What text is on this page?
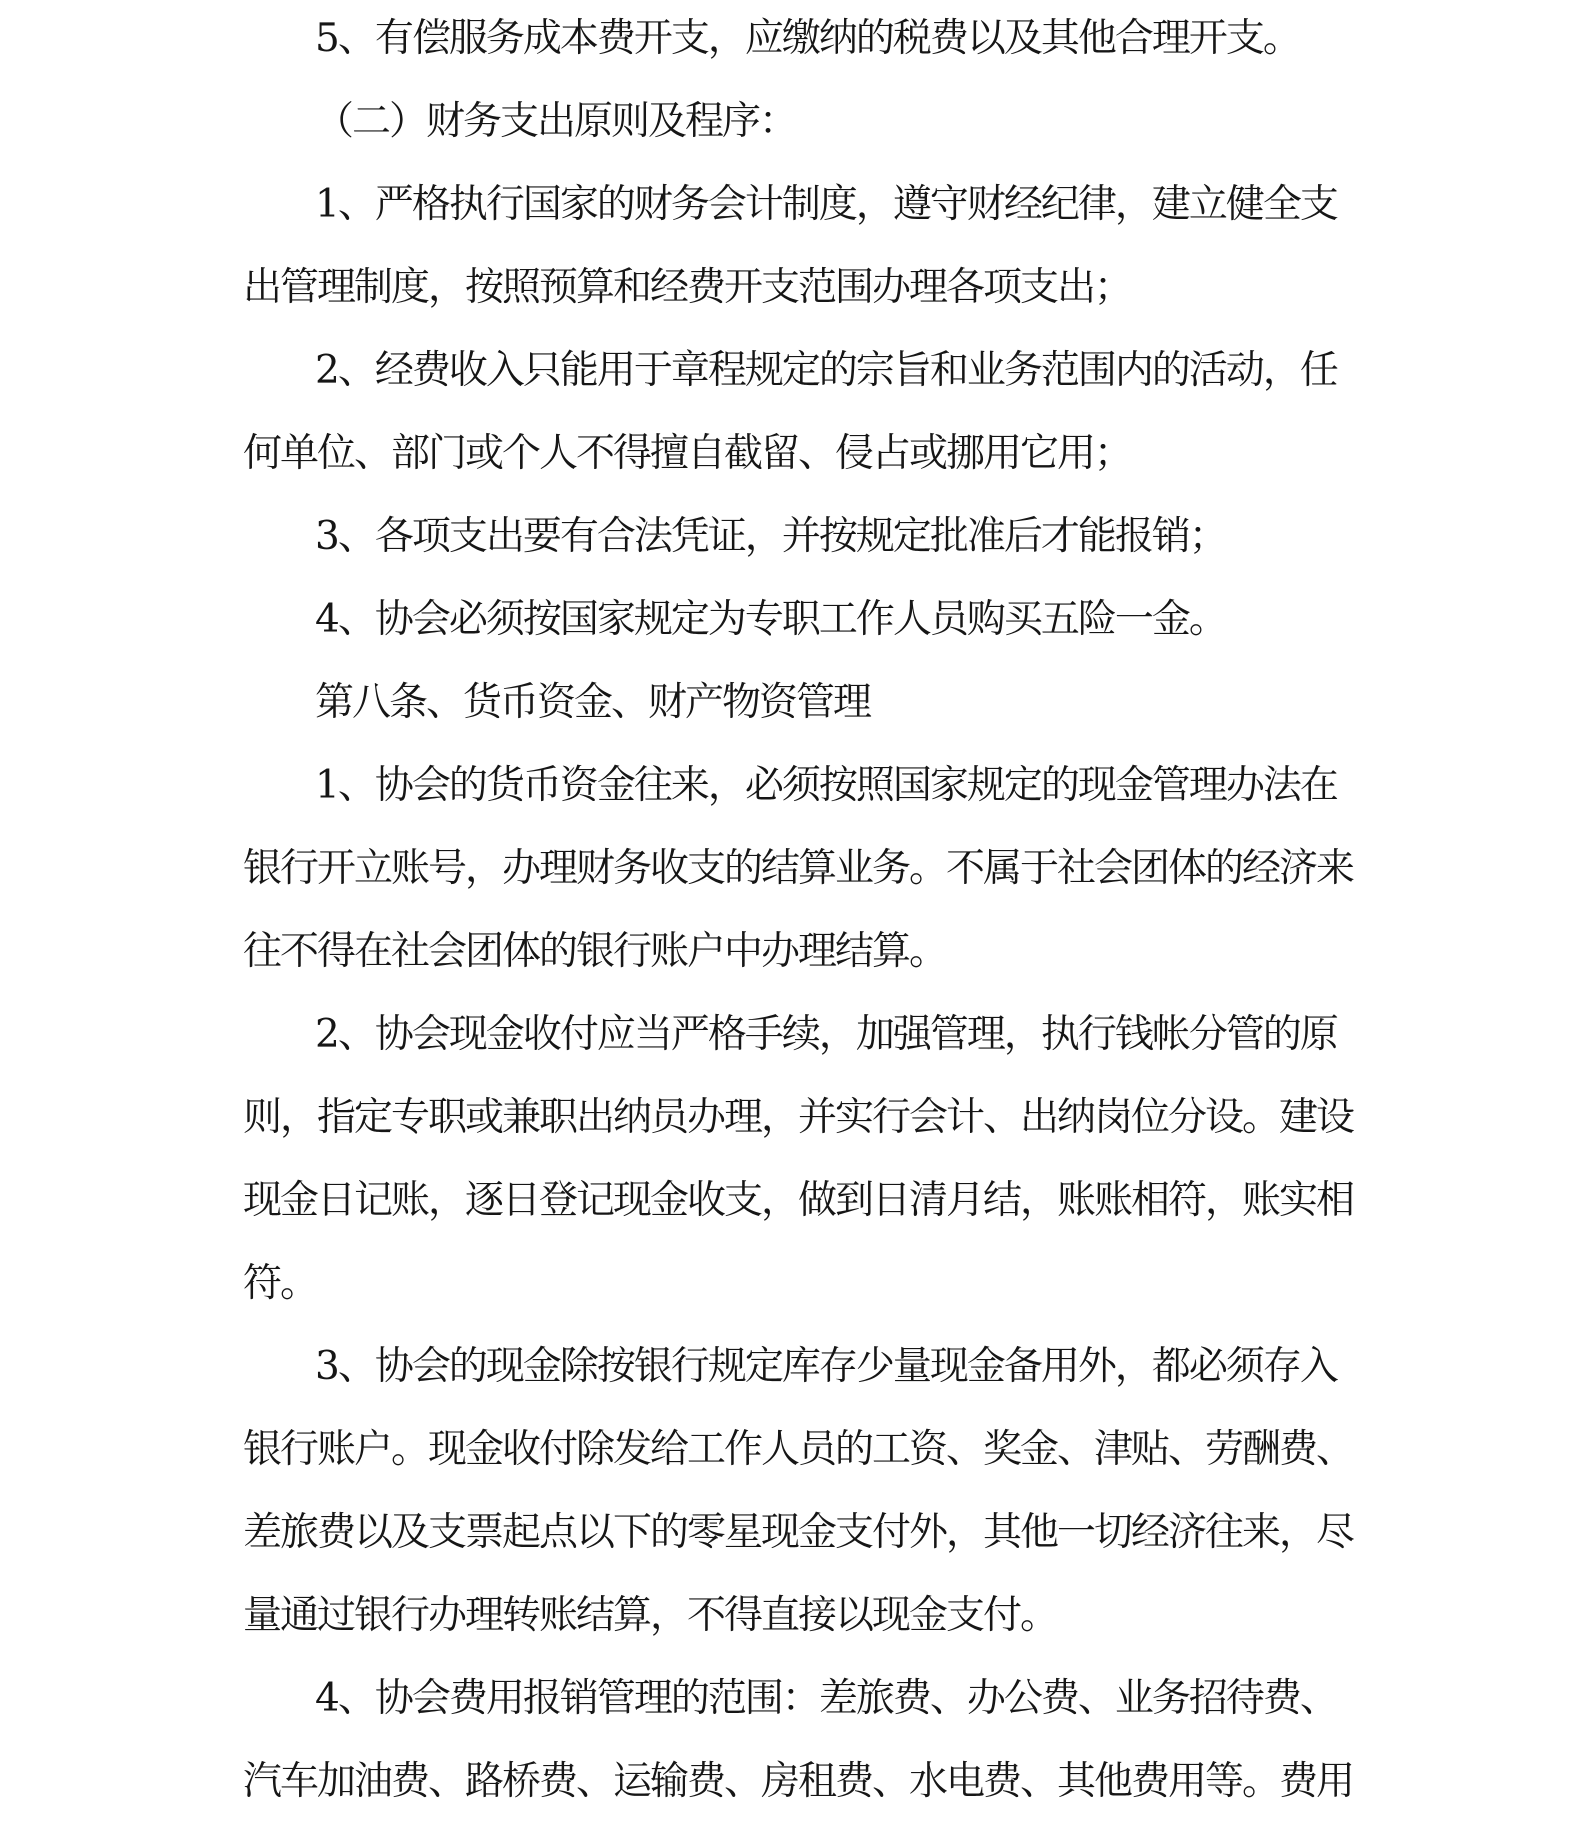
5、有偿服务成本费开支，应缴纳的税费以及其他合理开支。
（二）财务支出原则及程序：
1、严格执行国家的财务会计制度，遵守财经纪律，建立健全支
出管理制度，按照预算和经费开支范围办理各项支出；
2、经费收入只能用于章程规定的宗旨和业务范围内的活动，任
何单位、部门或个人不得擅自截留、侵占或挪用它用；
3、各项支出要有合法凭证，并按规定批准后才能报销；
4、协会必须按国家规定为专职工作人员购买五险一金。
第八条、货币资金、财产物资管理
1、协会的货币资金往来，必须按照国家规定的现金管理办法在
银行开立账号，办理财务收支的结算业务。不属于社会团体的经济来
往不得在社会团体的银行账户中办理结算。
2、协会现金收付应当严格手续，加强管理，执行钱帐分管的原
则，指定专职或兼职出纳员办理，并实行会计、出纳岗位分设。建设
现金日记账，逐日登记现金收支，做到日清月结，账账相符，账实相
符。
3、协会的现金除按银行规定库存少量现金备用外，都必须存入
银行账户。现金收付除发给工作人员的工资、奖金、津贴、劳酬费、
差旅费以及支票起点以下的零星现金支付外，其他一切经济往来，尽
量通过银行办理转账结算，不得直接以现金支付。
4、协会费用报销管理的范围：差旅费、办公费、业务招待费、
汽车加油费、路桥费、运输费、房租费、水电费、其他费用等。费用
